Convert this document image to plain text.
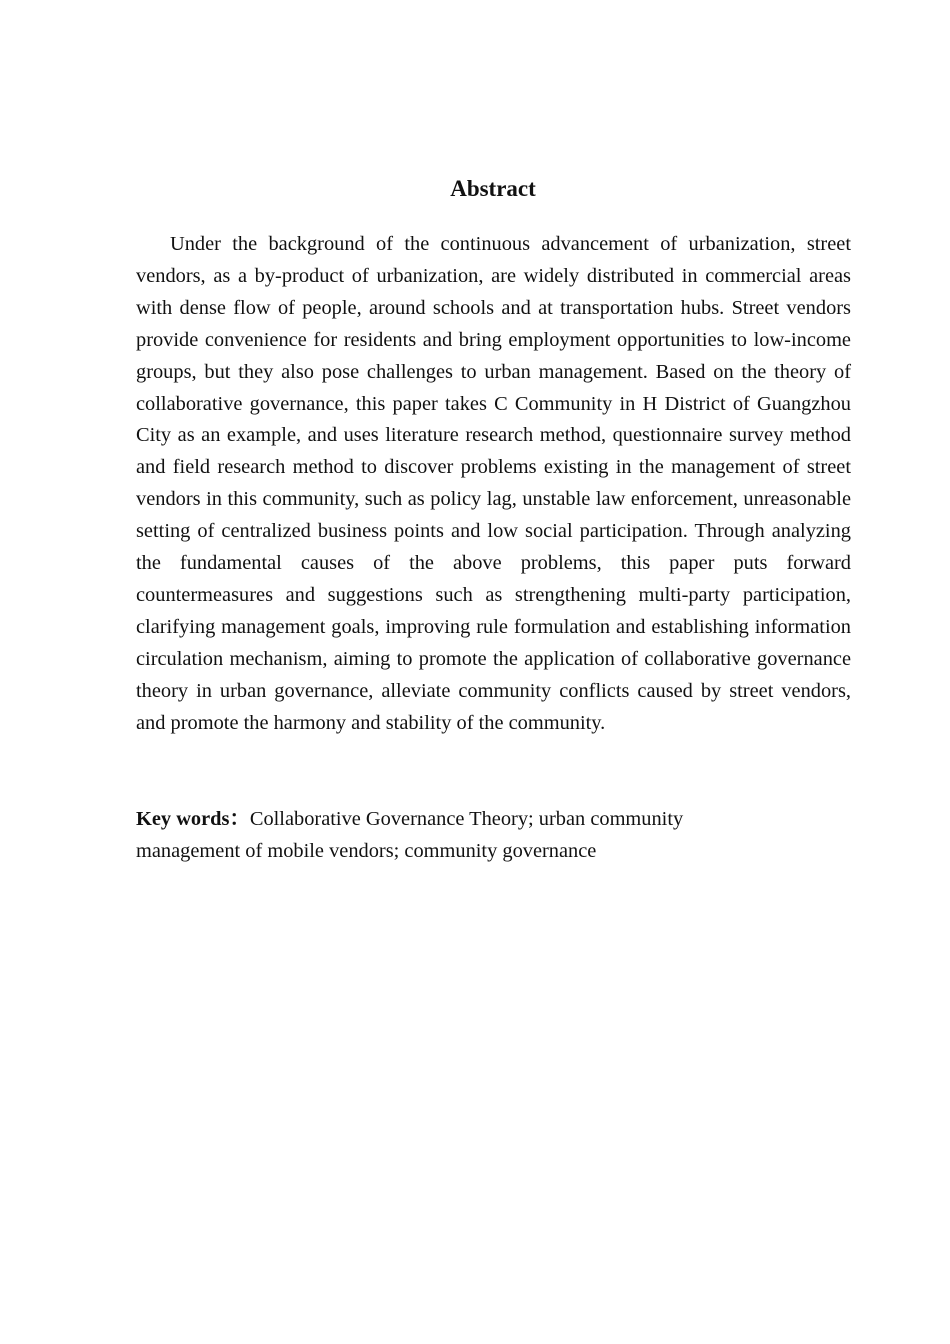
Abstract

Under the background of the continuous advancement of urbanization, street vendors, as a by-product of urbanization, are widely distributed in commercial areas with dense flow of people, around schools and at transportation hubs. Street vendors provide convenience for residents and bring employment opportunities to low-income groups, but they also pose challenges to urban management. Based on the theory of collaborative governance, this paper takes C Community in H District of Guangzhou City as an example, and uses literature research method, questionnaire survey method and field research method to discover problems existing in the management of street vendors in this community, such as policy lag, unstable law enforcement, unreasonable setting of centralized business points and low social participation. Through analyzing the fundamental causes of the above problems, this paper puts forward countermeasures and suggestions such as strengthening multi-party participation, clarifying management goals, improving rule formulation and establishing information circulation mechanism, aiming to promote the application of collaborative governance theory in urban governance, alleviate community conflicts caused by street vendors, and promote the harmony and stability of the community.

Key words：Collaborative Governance Theory; urban community management of mobile vendors; community governance
